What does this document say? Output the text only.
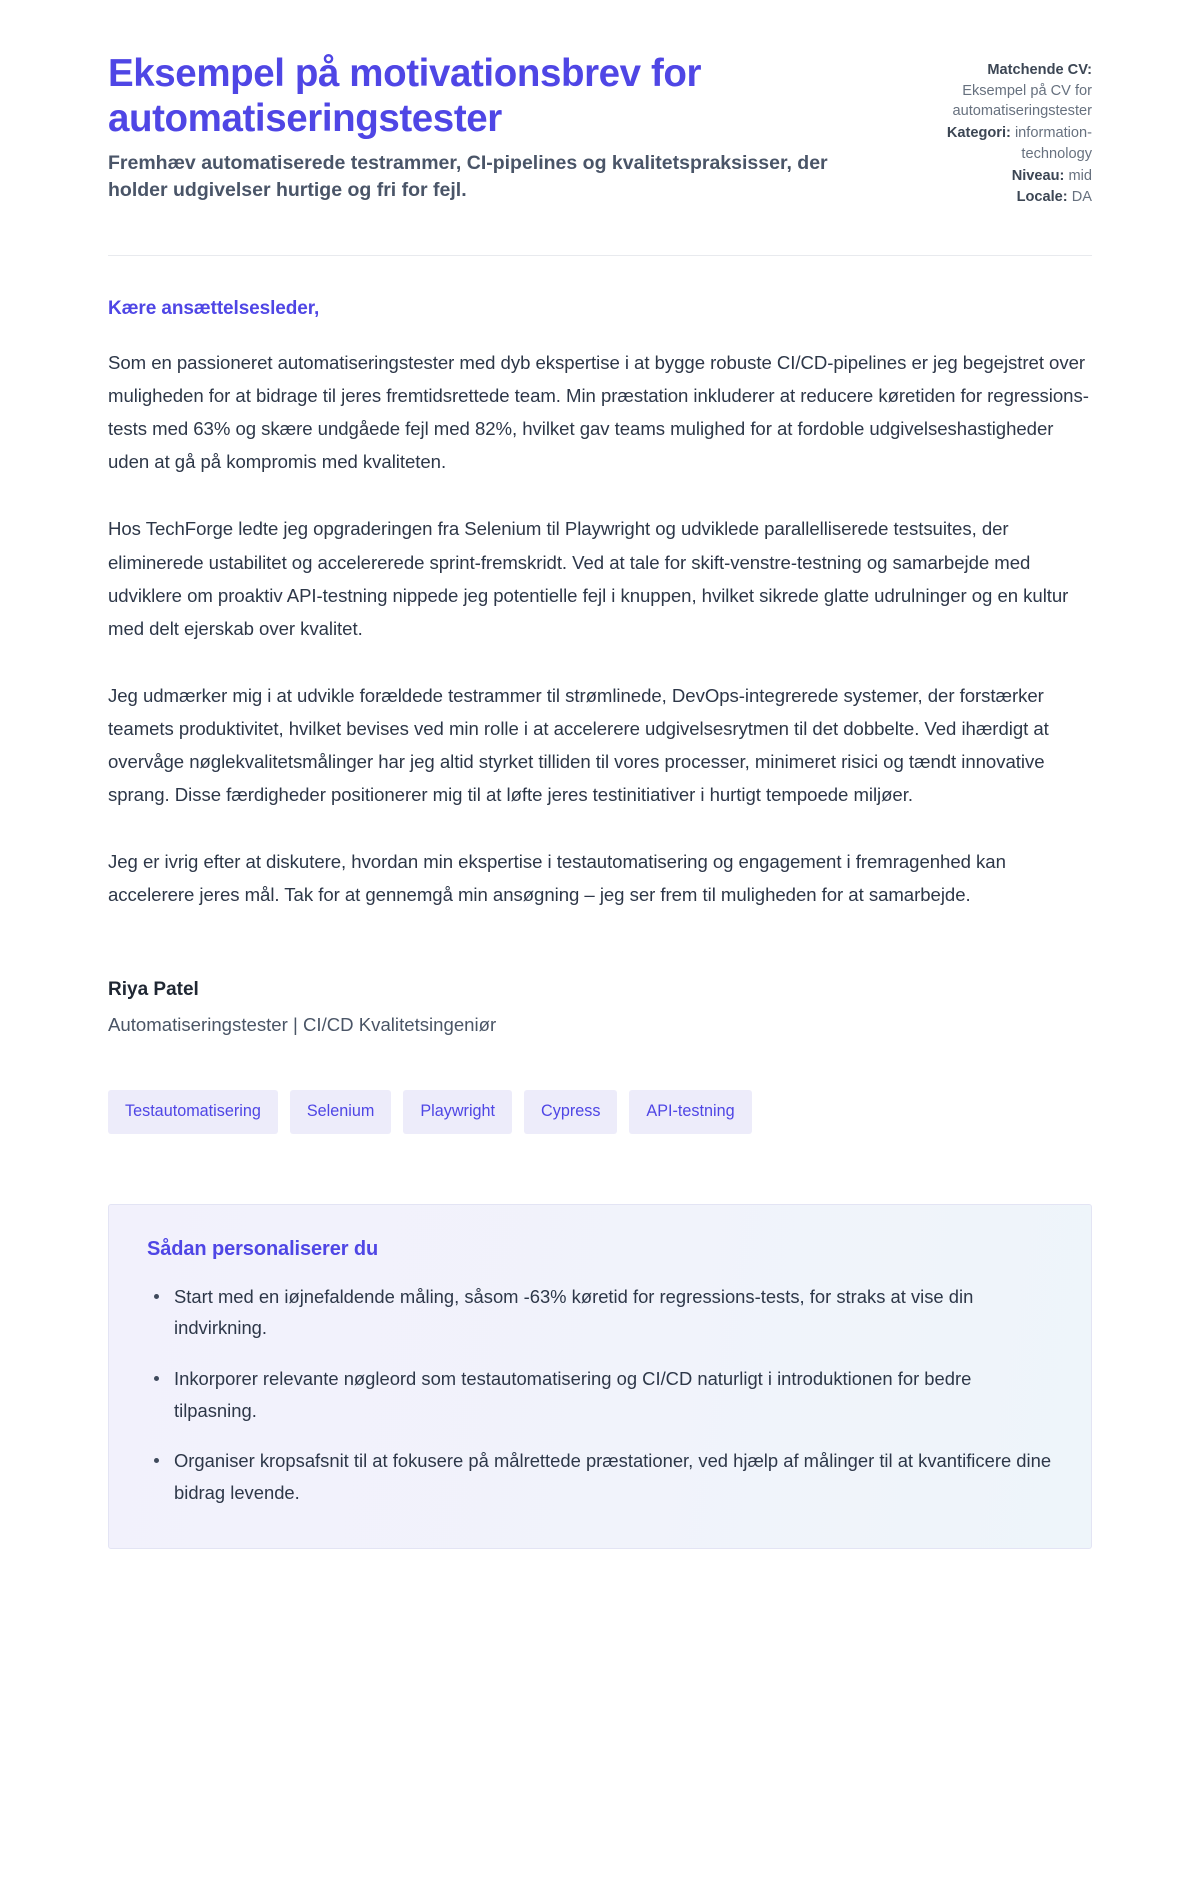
Eksempel på motivationsbrev for automatiseringstester

Fremhæv automatiserede testrammer, CI-pipelines og kvalitetspraksisser, der holder udgivelser hurtige og fri for fejl.

Matchende CV:
Eksempel på CV for automatiseringstester
Kategori: information-technology
Niveau: mid
Locale: DA

Kære ansættelsesleder,

Som en passioneret automatiseringstester med dyb ekspertise i at bygge robuste CI/CD-pipelines er jeg begejstret over muligheden for at bidrage til jeres fremtidsrettede team. Min præstation inkluderer at reducere køretiden for regressions-tests med 63% og skære undgåede fejl med 82%, hvilket gav teams mulighed for at fordoble udgivelseshastigheder uden at gå på kompromis med kvaliteten.

Hos TechForge ledte jeg opgraderingen fra Selenium til Playwright og udviklede parallelliserede testsuites, der eliminerede ustabilitet og accelererede sprint-fremskridt. Ved at tale for skift-venstre-testning og samarbejde med udviklere om proaktiv API-testning nippede jeg potentielle fejl i knuppen, hvilket sikrede glatte udrulninger og en kultur med delt ejerskab over kvalitet.

Jeg udmærker mig i at udvikle forældede testrammer til strømlinede, DevOps-integrerede systemer, der forstærker teamets produktivitet, hvilket bevises ved min rolle i at accelerere udgivelsesrytmen til det dobbelte. Ved ihærdigt at overvåge nøglekvalitetsmålinger har jeg altid styrket tilliden til vores processer, minimeret risici og tændt innovative sprang. Disse færdigheder positionerer mig til at løfte jeres testinitiativer i hurtigt tempoede miljøer.

Jeg er ivrig efter at diskutere, hvordan min ekspertise i testautomatisering og engagement i fremragenhed kan accelerere jeres mål. Tak for at gennemgå min ansøgning – jeg ser frem til muligheden for at samarbejde.

Riya Patel

Automatiseringstester | CI/CD Kvalitetsingeniør

Testautomatisering	Selenium	Playwright	Cypress	API-testning
Sådan personaliserer du
Start med en iøjnefaldende måling, såsom -63% køretid for regressions-tests, for straks at vise din indvirkning.
Inkorporer relevante nøgleord som testautomatisering og CI/CD naturligt i introduktionen for bedre tilpasning.
Organiser kropsafsnit til at fokusere på målrettede præstationer, ved hjælp af målinger til at kvantificere dine bidrag levende.
